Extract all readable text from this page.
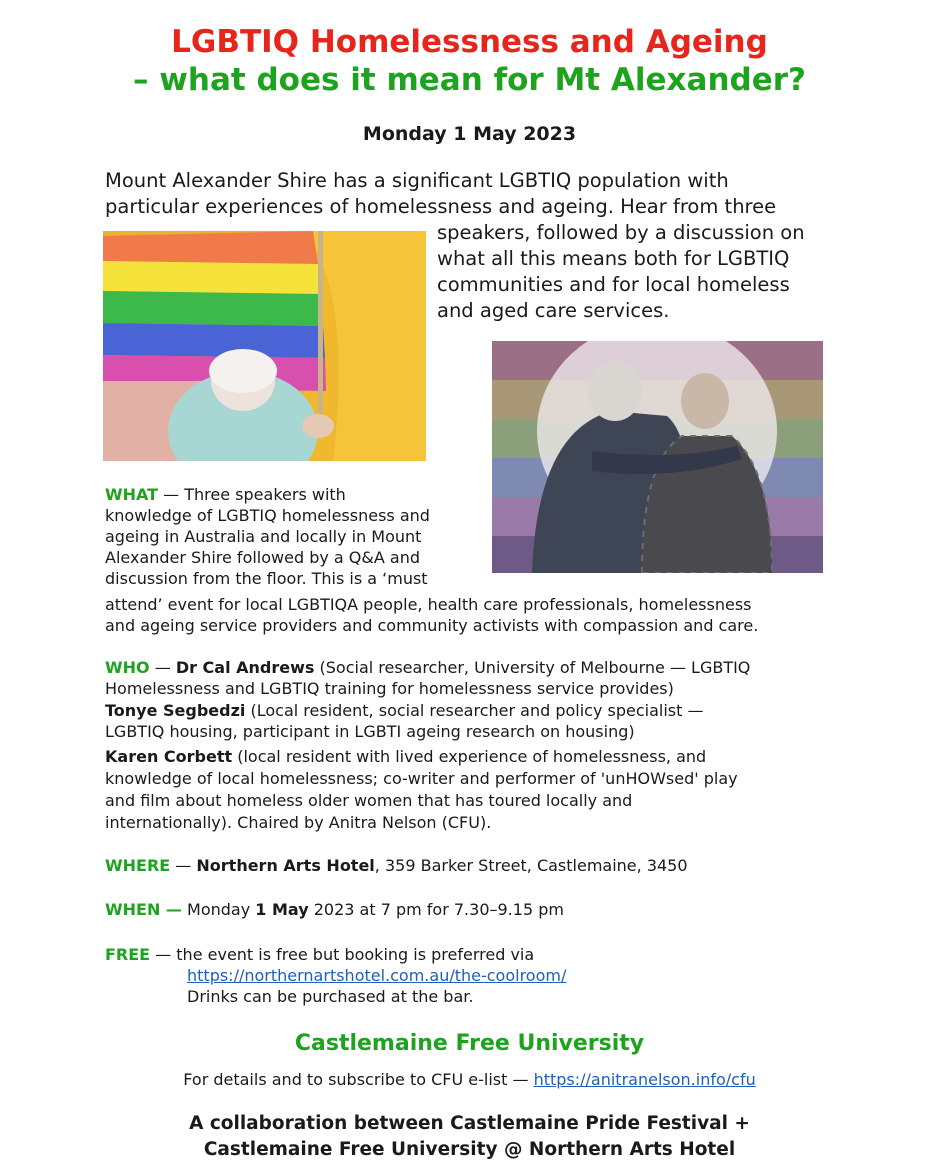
LGBTIQ Homelessness and Ageing
– what does it mean for Mt Alexander?
Monday 1 May 2023
Mount Alexander Shire has a significant LGBTIQ population with
particular experiences of homelessness and ageing. Hear from three
speakers, followed by a discussion on
what all this means both for LGBTIQ
communities and for local homeless
and aged care services.
WHAT — Three speakers with
knowledge of LGBTIQ homelessness and
ageing in Australia and locally in Mount
Alexander Shire followed by a Q&A and
discussion from the floor. This is a ‘must
attend’ event for local LGBTIQA people, health care professionals, homelessness
and ageing service providers and community activists with compassion and care.
WHO — Dr Cal Andrews (Social researcher, University of Melbourne — LGBTIQ
Homelessness and LGBTIQ training for homelessness service provides)
Tonye Segbedzi (Local resident, social researcher and policy specialist —
LGBTIQ housing, participant in LGBTI ageing research on housing)
Karen Corbett (local resident with lived experience of homelessness, and
knowledge of local homelessness; co-writer and performer of 'unHOWsed' play
and film about homeless older women that has toured locally and
internationally). Chaired by Anitra Nelson (CFU).
WHERE — Northern Arts Hotel, 359 Barker Street, Castlemaine, 3450
WHEN — Monday 1 May 2023 at 7 pm for 7.30–9.15 pm
FREE — the event is free but booking is preferred via
https://northernartshotel.com.au/the-coolroom/
Drinks can be purchased at the bar.
Castlemaine Free University
For details and to subscribe to CFU e-list — https://anitranelson.info/cfu
A collaboration between Castlemaine Pride Festival +
Castlemaine Free University @ Northern Arts Hotel
